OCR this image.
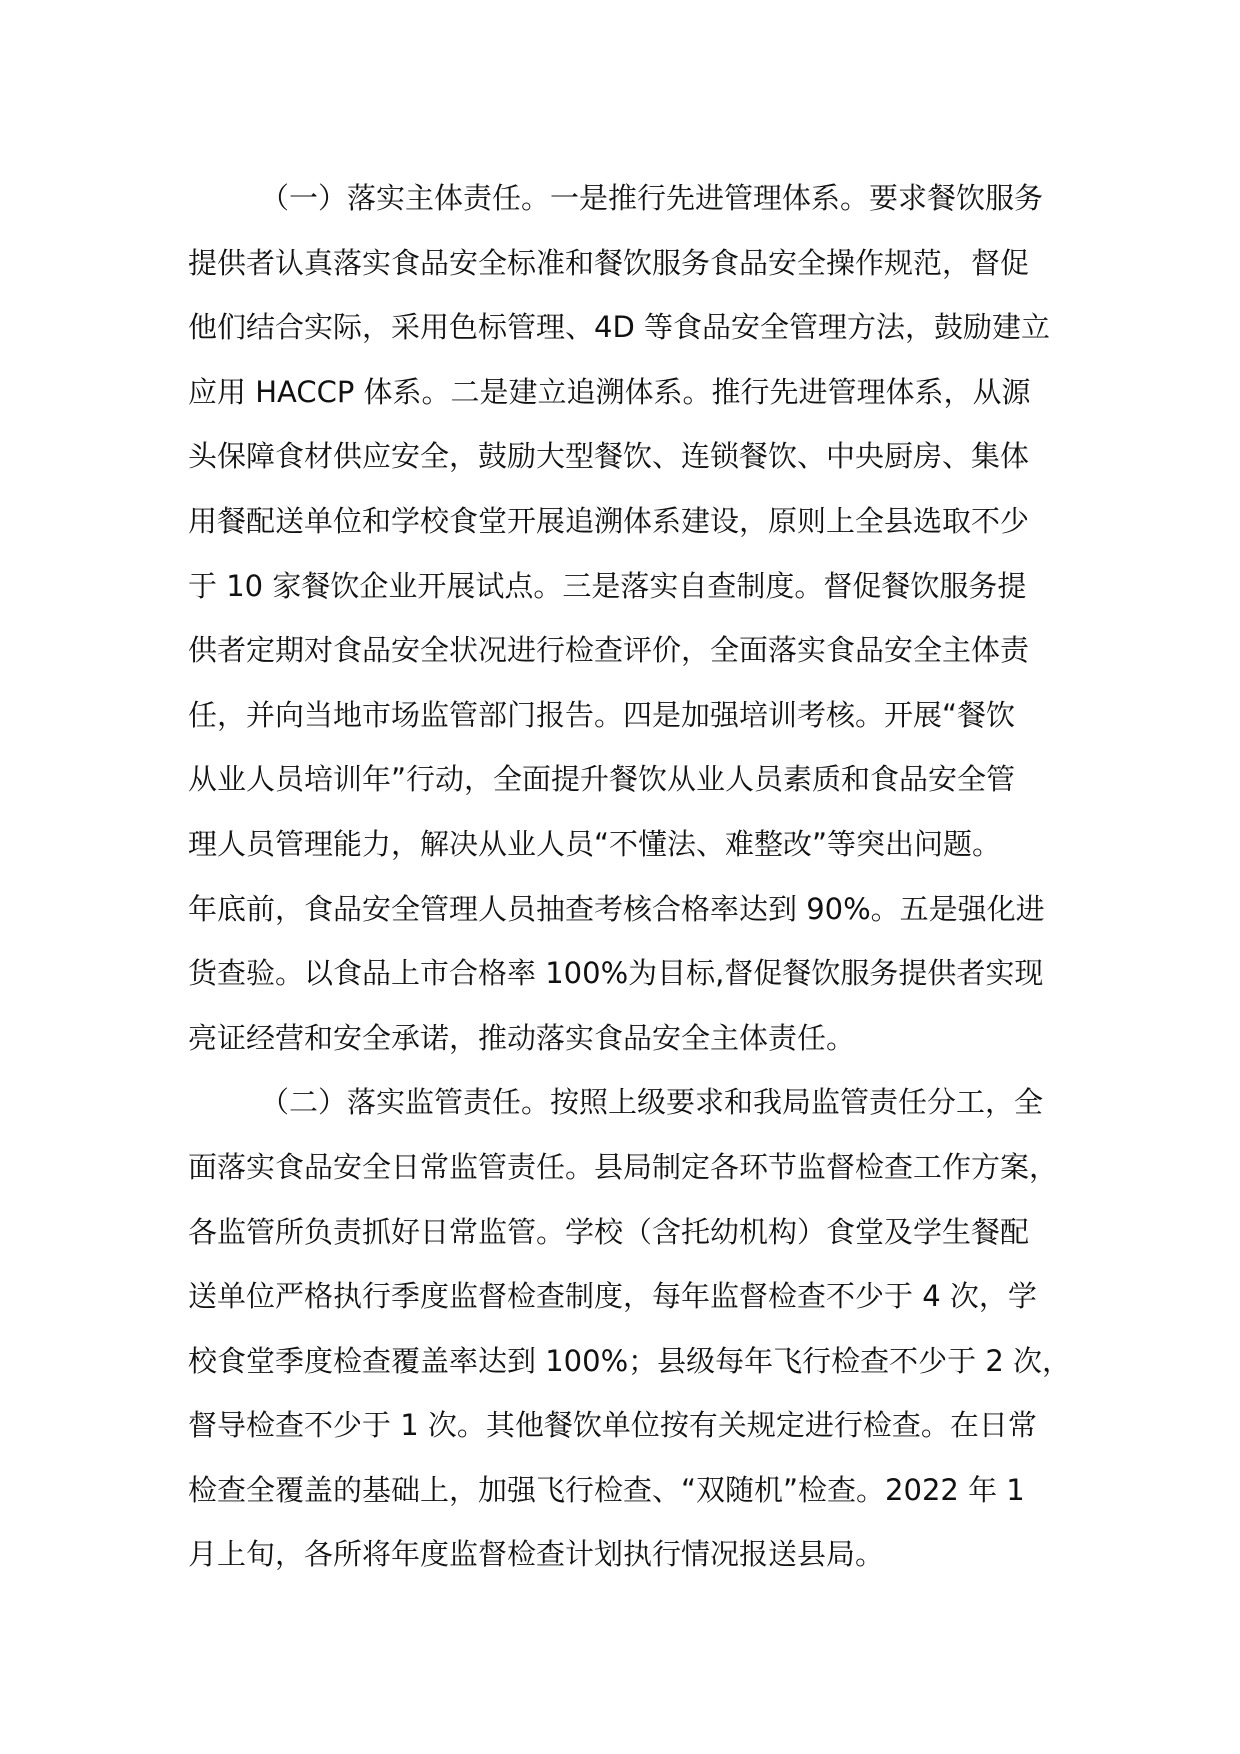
（一）落实主体责任。一是推行先进管理体系。要求餐饮服务
提供者认真落实食品安全标准和餐饮服务食品安全操作规范，督促
他们结合实际，采用色标管理、4D 等食品安全管理方法，鼓励建立
应用 HACCP 体系。二是建立追溯体系。推行先进管理体系，从源
头保障食材供应安全，鼓励大型餐饮、连锁餐饮、中央厨房、集体
用餐配送单位和学校食堂开展追溯体系建设，原则上全县选取不少
于 10 家餐饮企业开展试点。三是落实自查制度。督促餐饮服务提
供者定期对食品安全状况进行检查评价，全面落实食品安全主体责
任，并向当地市场监管部门报告。四是加强培训考核。开展“餐饮
从业人员培训年”行动，全面提升餐饮从业人员素质和食品安全管
理人员管理能力，解决从业人员“不懂法、难整改”等突出问题。
年底前，食品安全管理人员抽查考核合格率达到 90%。五是强化进
货查验。以食品上市合格率 100%为目标,督促餐饮服务提供者实现
亮证经营和安全承诺，推动落实食品安全主体责任。
（二）落实监管责任。按照上级要求和我局监管责任分工，全
面落实食品安全日常监管责任。县局制定各环节监督检查工作方案，
各监管所负责抓好日常监管。学校（含托幼机构）食堂及学生餐配
送单位严格执行季度监督检查制度，每年监督检查不少于 4 次，学
校食堂季度检查覆盖率达到 100%；县级每年飞行检查不少于 2 次，
督导检查不少于 1 次。其他餐饮单位按有关规定进行检查。在日常
检查全覆盖的基础上，加强飞行检查、“双随机”检查。2022 年 1
月上旬，各所将年度监督检查计划执行情况报送县局。
